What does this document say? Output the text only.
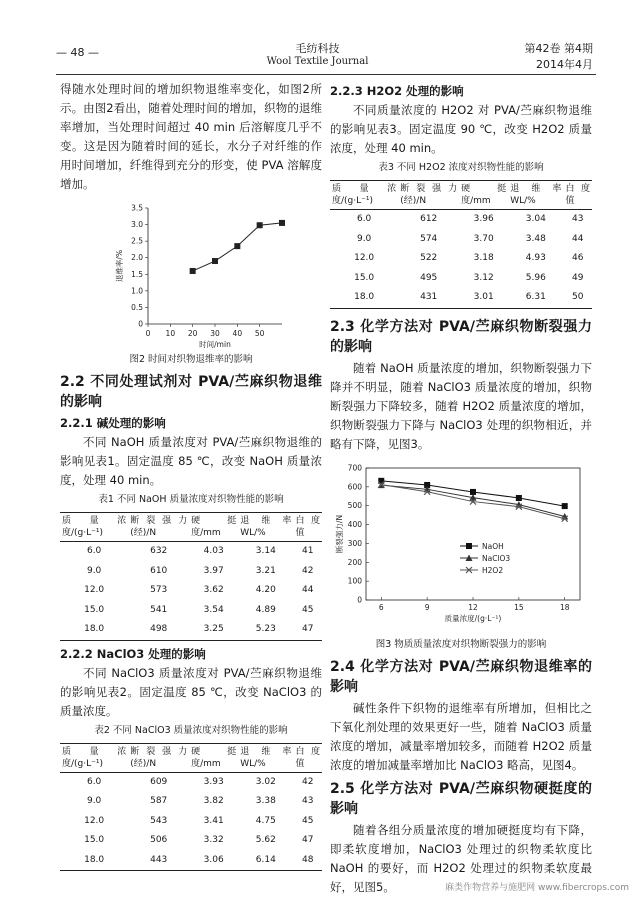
— 48 —	毛纺科技
Wool Textile Journal
第42卷 第4期
2014年4月

得随水处理时间的增加织物退维率变化，如图2所示。由图2看出，随着处理时间的增加，织物的退维率增加，当处理时间超过 40 min 后溶解度几乎不变。这是因为随着时间的延长，水分子对纤维的作用时间增加，纤维得到充分的形变，使 PVA 溶解度增加。

0 10 20 30 40 50
0
0.5
1.0
1.5
2.0
2.5
3.0
3.5
时间/min
退维率/%
图2 时间对织物退维率的影响
2.2 不同处理试剂对 PVA/苎麻织物退维的影响
2.2.1 碱处理的影响

不同 NaOH 质量浓度对 PVA/苎麻织物退维的影响见表1。固定温度 85 ℃，改变 NaOH 质量浓度，处理 40 min。

表1 不同 NaOH 质量浓度对织物性能的影响
质量浓度/(g·L⁻¹)	断裂强力(经)/N	硬挺度/mm	退维率 WL/%	白度值
6.0	632	4.03	3.14	41
9.0	610	3.97	3.21	42
12.0	573	3.62	4.20	44
15.0	541	3.54	4.89	45
18.0	498	3.25	5.23	47
2.2.2 NaClO3 处理的影响

不同 NaClO3 质量浓度对 PVA/苎麻织物退维的影响见表2。固定温度 85 ℃，改变 NaClO3 的质量浓度。

表2 不同 NaClO3 质量浓度对织物性能的影响
质量浓度/(g·L⁻¹)	断裂强力(经)/N	硬挺度/mm	退维率 WL/%	白度值
6.0	609	3.93	3.02	42
9.0	587	3.82	3.38	43
12.0	543	3.41	4.75	45
15.0	506	3.32	5.62	47
18.0	443	3.06	6.14	48
2.2.3 H2O2 处理的影响

不同质量浓度的 H2O2 对 PVA/苎麻织物退维的影响见表3。固定温度 90 ℃，改变 H2O2 质量浓度，处理 40 min。

表3 不同 H2O2 浓度对织物性能的影响
质量浓度/(g·L⁻¹)	断裂强力(经)/N	硬挺度/mm	退维率 WL/%	白度值
6.0	612	3.96	3.04	43
9.0	574	3.70	3.48	44
12.0	522	3.18	4.93	46
15.0	495	3.12	5.96	49
18.0	431	3.01	6.31	50
2.3 化学方法对 PVA/苎麻织物断裂强力的影响

随着 NaOH 质量浓度的增加，织物断裂强力下降并不明显，随着 NaClO3 质量浓度的增加，织物断裂强力下降较多，随着 H2O2 质量浓度的增加，织物断裂强力下降与 NaClO3 处理的织物相近，并略有下降，见图3。

6	9	12	15	18
0
100
200
300
400
500
600
700
质量浓度/(g·L⁻¹)
断裂强力/N	NaOH
NaClO3
H2O2
图3 物质质量浓度对织物断裂强力的影响
2.4 化学方法对 PVA/苎麻织物退维率的影响

碱性条件下织物的退维率有所增加，但相比之下氧化剂处理的效果更好一些，随着 NaClO3 质量浓度的增加，减量率增加较多，而随着 H2O2 质量浓度的增加减量率增加比 NaClO3 略高，见图4。

2.5 化学方法对 PVA/苎麻织物硬挺度的影响

随着各组分质量浓度的增加硬挺度均有下降，即柔软度增加，NaClO3 处理过的织物柔软度比 NaOH 的要好，而 H2O2 处理过的织物柔软度最好，见图5。	麻类作物营养与施肥网 www.fibercrops.com
